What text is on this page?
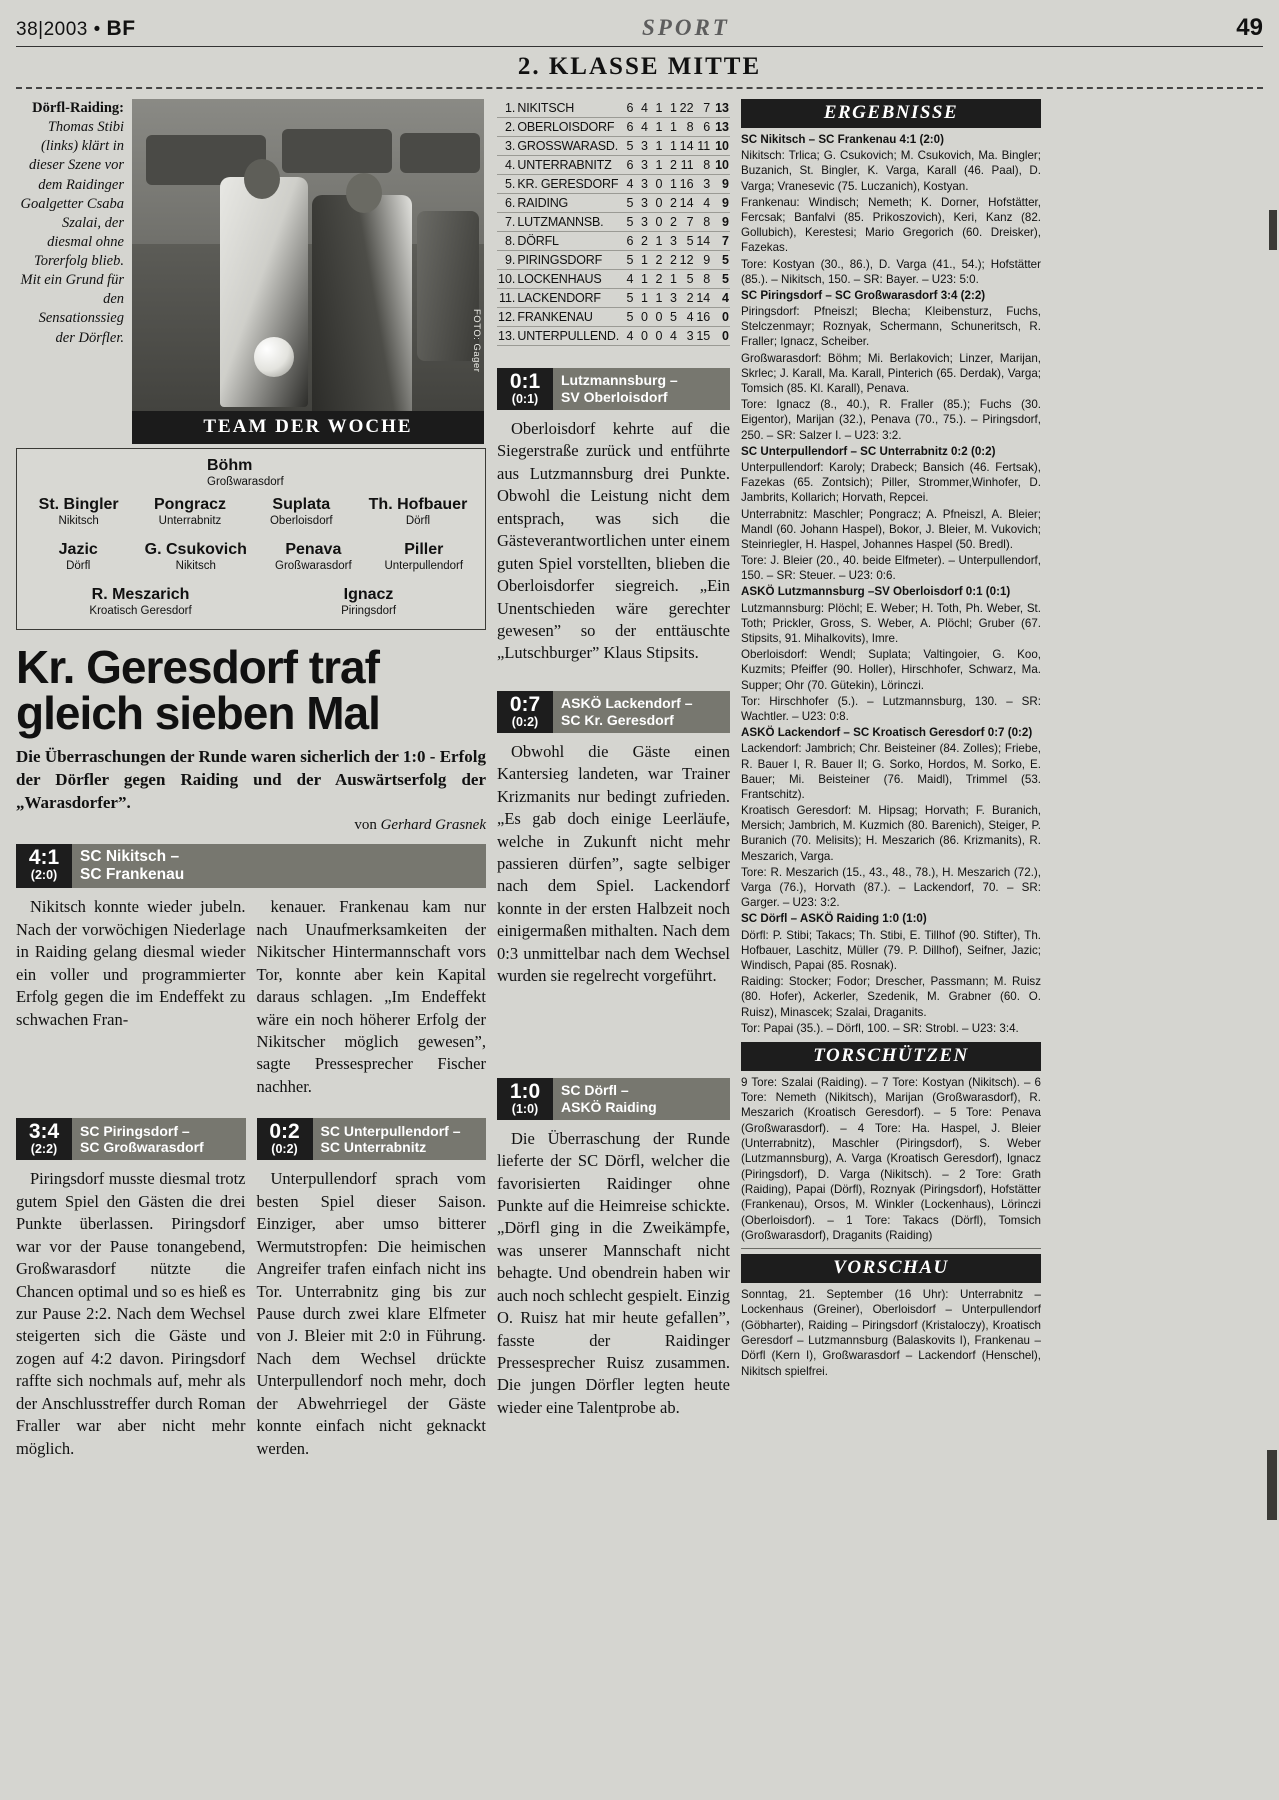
38|2003 • BF	SPORT	49
2. KLASSE MITTE
Dörfl-Raiding: Thomas Stibi (links) klärt in dieser Szene vor dem Raidinger Goalgetter Csaba Szalai, der diesmal ohne Torerfolg blieb. Mit ein Grund für den Sensationssieg der Dörfler.	FOTO: Gager
TEAM DER WOCHE
Böhm
Großwarasdorf
St. Bingler
Nikitsch
Pongracz
Unterrabnitz
Suplata
Oberloisdorf
Th. Hofbauer
Dörfl
Jazic
Dörfl
G. Csukovich
Nikitsch
Penava
Großwarasdorf
Piller
Unterpullendorf
R. Meszarich
Kroatisch Geresdorf
Ignacz
Piringsdorf
Kr. Geresdorf traf gleich sieben Mal
Die Überraschungen der Runde waren sicherlich der 1:0 - Erfolg der Dörfler gegen Raiding und der Auswärtserfolg der „Warasdorfer”.
von Gerhard Grasnek
4:1
(2:0)
SC Nikitsch –
SC Frankenau

Nikitsch konnte wieder jubeln. Nach der vorwöchigen Niederlage in Raiding gelang diesmal wieder ein voller und programmierter Erfolg gegen die im Endeffekt zu schwachen Fran-

kenauer. Frankenau kam nur nach Unaufmerksamkeiten der Nikitscher Hintermannschaft vors Tor, konnte aber kein Kapital daraus schlagen. „Im Endeffekt wäre ein noch höherer Erfolg der Nikitscher möglich gewesen”, sagte Pressesprecher Fischer nachher.

3:4
(2:2)
SC Piringsdorf –
SC Großwarasdorf

Piringsdorf musste diesmal trotz gutem Spiel den Gästen die drei Punkte überlassen. Piringsdorf war vor der Pause tonangebend, Großwarasdorf nützte die Chancen optimal und so es hieß es zur Pause 2:2. Nach dem Wechsel steigerten sich die Gäste und zogen auf 4:2 davon. Piringsdorf raffte sich nochmals auf, mehr als der Anschlusstreffer durch Roman Fraller war aber nicht mehr möglich.

0:2
(0:2)
SC Unterpullendorf –
SC Unterrabnitz

Unterpullendorf sprach vom besten Spiel dieser Saison. Einziger, aber umso bitterer Wermutstropfen: Die heimischen Angreifer trafen einfach nicht ins Tor. Unterrabnitz ging bis zur Pause durch zwei klare Elfmeter von J. Bleier mit 2:0 in Führung. Nach dem Wechsel drückte Unterpullendorf noch mehr, doch der Abwehrriegel der Gäste konnte einfach nicht geknackt werden.

1.	NIKITSCH	6	4	1	1	22	7	13
2.	OBERLOISDORF	6	4	1	1	8	6	13
3.	GROSSWARASD.	5	3	1	1	14	11	10
4.	UNTERRABNITZ	6	3	1	2	11	8	10
5.	KR. GERESDORF	4	3	0	1	16	3	9
6.	RAIDING	5	3	0	2	14	4	9
7.	LUTZMANNSB.	5	3	0	2	7	8	9
8.	DÖRFL	6	2	1	3	5	14	7
9.	PIRINGSDORF	5	1	2	2	12	9	5
10.	LOCKENHAUS	4	1	2	1	5	8	5
11.	LACKENDORF	5	1	1	3	2	14	4
12.	FRANKENAU	5	0	0	5	4	16	0
13.	UNTERPULLEND.	4	0	0	4	3	15	0
0:1
(0:1)
Lutzmannsburg –
SV Oberloisdorf

Oberloisdorf kehrte auf die Siegerstraße zurück und entführte aus Lutzmannsburg drei Punkte. Obwohl die Leistung nicht dem entsprach, was sich die Gästeverantwortlichen unter einem guten Spiel vorstellten, blieben die Oberloisdorfer siegreich. „Ein Unentschieden wäre gerechter gewesen” so der enttäuschte „Lutschburger” Klaus Stipsits.

0:7
(0:2)
ASKÖ Lackendorf –
SC Kr. Geresdorf

Obwohl die Gäste einen Kantersieg landeten, war Trainer Krizmanits nur bedingt zufrieden. „Es gab doch einige Leerläufe, welche in Zukunft nicht mehr passieren dürfen”, sagte selbiger nach dem Spiel. Lackendorf konnte in der ersten Halbzeit noch einigermaßen mithalten. Nach dem 0:3 unmittelbar nach dem Wechsel wurden sie regelrecht vorgeführt.

1:0
(1:0)
SC Dörfl –
ASKÖ Raiding

Die Überraschung der Runde lieferte der SC Dörfl, welcher die favorisierten Raidinger ohne Punkte auf die Heimreise schickte. „Dörfl ging in die Zweikämpfe, was unserer Mannschaft nicht behagte. Und obendrein haben wir auch noch schlecht gespielt. Einzig O. Ruisz hat mir heute gefallen”, fasste der Raidinger Pressesprecher Ruisz zusammen. Die jungen Dörfler legten heute wieder eine Talentprobe ab.

ERGEBNISSE

SC Nikitsch – SC Frankenau 4:1 (2:0)

Nikitsch: Trlica; G. Csukovich; M. Csukovich, Ma. Bingler; Buzanich, St. Bingler, K. Varga, Karall (46. Paal), D. Varga; Vranesevic (75. Luczanich), Kostyan.

Frankenau: Windisch; Nemeth; K. Dorner, Hofstätter, Fercsak; Banfalvi (85. Prikoszovich), Keri, Kanz (82. Gollubich), Kerestesi; Mario Gregorich (60. Dreisker), Fazekas.

Tore: Kostyan (30., 86.), D. Varga (41., 54.); Hofstätter (85.). – Nikitsch, 150. – SR: Bayer. – U23: 5:0.

SC Piringsdorf – SC Großwarasdorf 3:4 (2:2)

Piringsdorf: Pfneiszl; Blecha; Kleibensturz, Fuchs, Stelczenmayr; Roznyak, Schermann, Schuneritsch, R. Fraller; Ignacz, Scheiber.

Großwarasdorf: Böhm; Mi. Berlakovich; Linzer, Marijan, Skrlec; J. Karall, Ma. Karall, Pinterich (65. Derdak), Varga; Tomsich (85. Kl. Karall), Penava.

Tore: Ignacz (8., 40.), R. Fraller (85.); Fuchs (30. Eigentor), Marijan (32.), Penava (70., 75.). – Piringsdorf, 250. – SR: Salzer I. – U23: 3:2.

SC Unterpullendorf – SC Unterrabnitz 0:2 (0:2)

Unterpullendorf: Karoly; Drabeck; Bansich (46. Fertsak), Fazekas (65. Zontsich); Piller, Strommer,Winhofer, D. Jambrits, Kollarich; Horvath, Repcei.

Unterrabnitz: Maschler; Pongracz; A. Pfneiszl, A. Bleier; Mandl (60. Johann Haspel), Bokor, J. Bleier, M. Vukovich; Steinriegler, H. Haspel, Johannes Haspel (50. Bredl).

Tore: J. Bleier (20., 40. beide Elfmeter). – Unterpullendorf, 150. – SR: Steuer. – U23: 0:6.

ASKÖ Lutzmannsburg –SV Oberloisdorf 0:1 (0:1)

Lutzmannsburg: Plöchl; E. Weber; H. Toth, Ph. Weber, St. Toth; Prickler, Gross, S. Weber, A. Plöchl; Gruber (67. Stipsits, 91. Mihalkovits), Imre.

Oberloisdorf: Wendl; Suplata; Valtingoier, G. Koo, Kuzmits; Pfeiffer (90. Holler), Hirschhofer, Schwarz, Ma. Supper; Ohr (70. Gütekin), Lörinczi.

Tor: Hirschhofer (5.). – Lutzmannsburg, 130. – SR: Wachtler. – U23: 0:8.

ASKÖ Lackendorf – SC Kroatisch Geresdorf 0:7 (0:2)

Lackendorf: Jambrich; Chr. Beisteiner (84. Zolles); Friebe, R. Bauer I, R. Bauer II; G. Sorko, Hordos, M. Sorko, E. Bauer; Mi. Beisteiner (76. Maidl), Trimmel (53. Frantschitz).

Kroatisch Geresdorf: M. Hipsag; Horvath; F. Buranich, Mersich; Jambrich, M. Kuzmich (80. Barenich), Steiger, P. Buranich (70. Melisits); H. Meszarich (86. Krizmanits), R. Meszarich, Varga.

Tore: R. Meszarich (15., 43., 48., 78.), H. Meszarich (72.), Varga (76.), Horvath (87.). – Lackendorf, 70. – SR: Garger. – U23: 3:2.

SC Dörfl – ASKÖ Raiding 1:0 (1:0)

Dörfl: P. Stibi; Takacs; Th. Stibi, E. Tillhof (90. Stifter), Th. Hofbauer, Laschitz, Müller (79. P. Dillhof), Seifner, Jazic; Windisch, Papai (85. Rosnak).

Raiding: Stocker; Fodor; Drescher, Passmann; M. Ruisz (80. Hofer), Ackerler, Szedenik, M. Grabner (60. O. Ruisz), Minascek; Szalai, Draganits.

Tor: Papai (35.). – Dörfl, 100. – SR: Strobl. – U23: 3:4.

TORSCHÜTZEN
9 Tore: Szalai (Raiding). – 7 Tore: Kostyan (Nikitsch). – 6 Tore: Nemeth (Nikitsch), Marijan (Großwarasdorf), R. Meszarich (Kroatisch Geresdorf). – 5 Tore: Penava (Großwarasdorf). – 4 Tore: Ha. Haspel, J. Bleier (Unterrabnitz), Maschler (Piringsdorf), S. Weber (Lutzmannsburg), A. Varga (Kroatisch Geresdorf), Ignacz (Piringsdorf), D. Varga (Nikitsch). – 2 Tore: Grath (Raiding), Papai (Dörfl), Roznyak (Piringsdorf), Hofstätter (Frankenau), Orsos, M. Winkler (Lockenhaus), Lörinczi (Oberloisdorf). – 1 Tore: Takacs (Dörfl), Tomsich (Großwarasdorf), Draganits (Raiding)
VORSCHAU
Sonntag, 21. September (16 Uhr): Unterrabnitz – Lockenhaus (Greiner), Oberloisdorf – Unterpullendorf (Göbharter), Raiding – Piringsdorf (Kristaloczy), Kroatisch Geresdorf – Lutzmannsburg (Balaskovits I), Frankenau – Dörfl (Kern I), Großwarasdorf – Lackendorf (Henschel), Nikitsch spielfrei.
